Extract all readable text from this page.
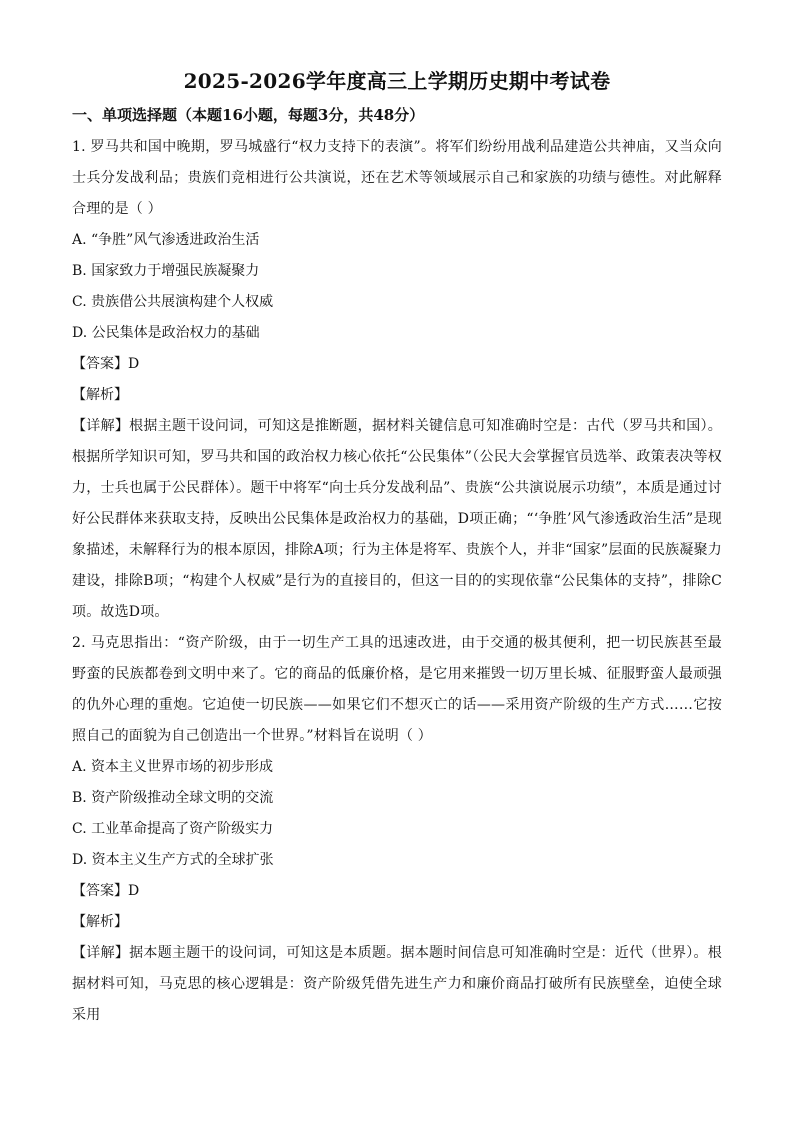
2025-2026学年度高三上学期历史期中考试卷

一、单项选择题（本题16小题，每题3分，共48分）

1. 罗马共和国中晚期，罗马城盛行“权力支持下的表演”。将军们纷纷用战利品建造公共神庙，又当众向士兵分发战利品；贵族们竞相进行公共演说，还在艺术等领域展示自己和家族的功绩与德性。对此解释合理的是（ ）

A. “争胜”风气渗透进政治生活

B. 国家致力于增强民族凝聚力

C. 贵族借公共展演构建个人权威

D. 公民集体是政治权力的基础

【答案】D

【解析】

【详解】根据主题干设问词，可知这是推断题，据材料关键信息可知准确时空是：古代（罗马共和国）。根据所学知识可知，罗马共和国的政治权力核心依托“公民集体”（公民大会掌握官员选举、政策表决等权力，士兵也属于公民群体）。题干中将军“向士兵分发战利品”、贵族“公共演说展示功绩”，本质是通过讨好公民群体来获取支持，反映出公民集体是政治权力的基础，D项正确；“‘争胜’风气渗透政治生活”是现象描述，未解释行为的根本原因，排除A项；行为主体是将军、贵族个人，并非“国家”层面的民族凝聚力建设，排除B项；“构建个人权威”是行为的直接目的，但这一目的的实现依靠“公民集体的支持”，排除C项。故选D项。

2. 马克思指出：“资产阶级，由于一切生产工具的迅速改进，由于交通的极其便利，把一切民族甚至最野蛮的民族都卷到文明中来了。它的商品的低廉价格，是它用来摧毁一切万里长城、征服野蛮人最顽强的仇外心理的重炮。它迫使一切民族——如果它们不想灭亡的话——采用资产阶级的生产方式……它按照自己的面貌为自己创造出一个世界。”材料旨在说明（ ）

A. 资本主义世界市场的初步形成

B. 资产阶级推动全球文明的交流

C. 工业革命提高了资产阶级实力

D. 资本主义生产方式的全球扩张

【答案】D

【解析】

【详解】据本题主题干的设问词，可知这是本质题。据本题时间信息可知准确时空是：近代（世界）。根据材料可知，马克思的核心逻辑是：资产阶级凭借先进生产力和廉价商品打破所有民族壁垒，迫使全球采用
